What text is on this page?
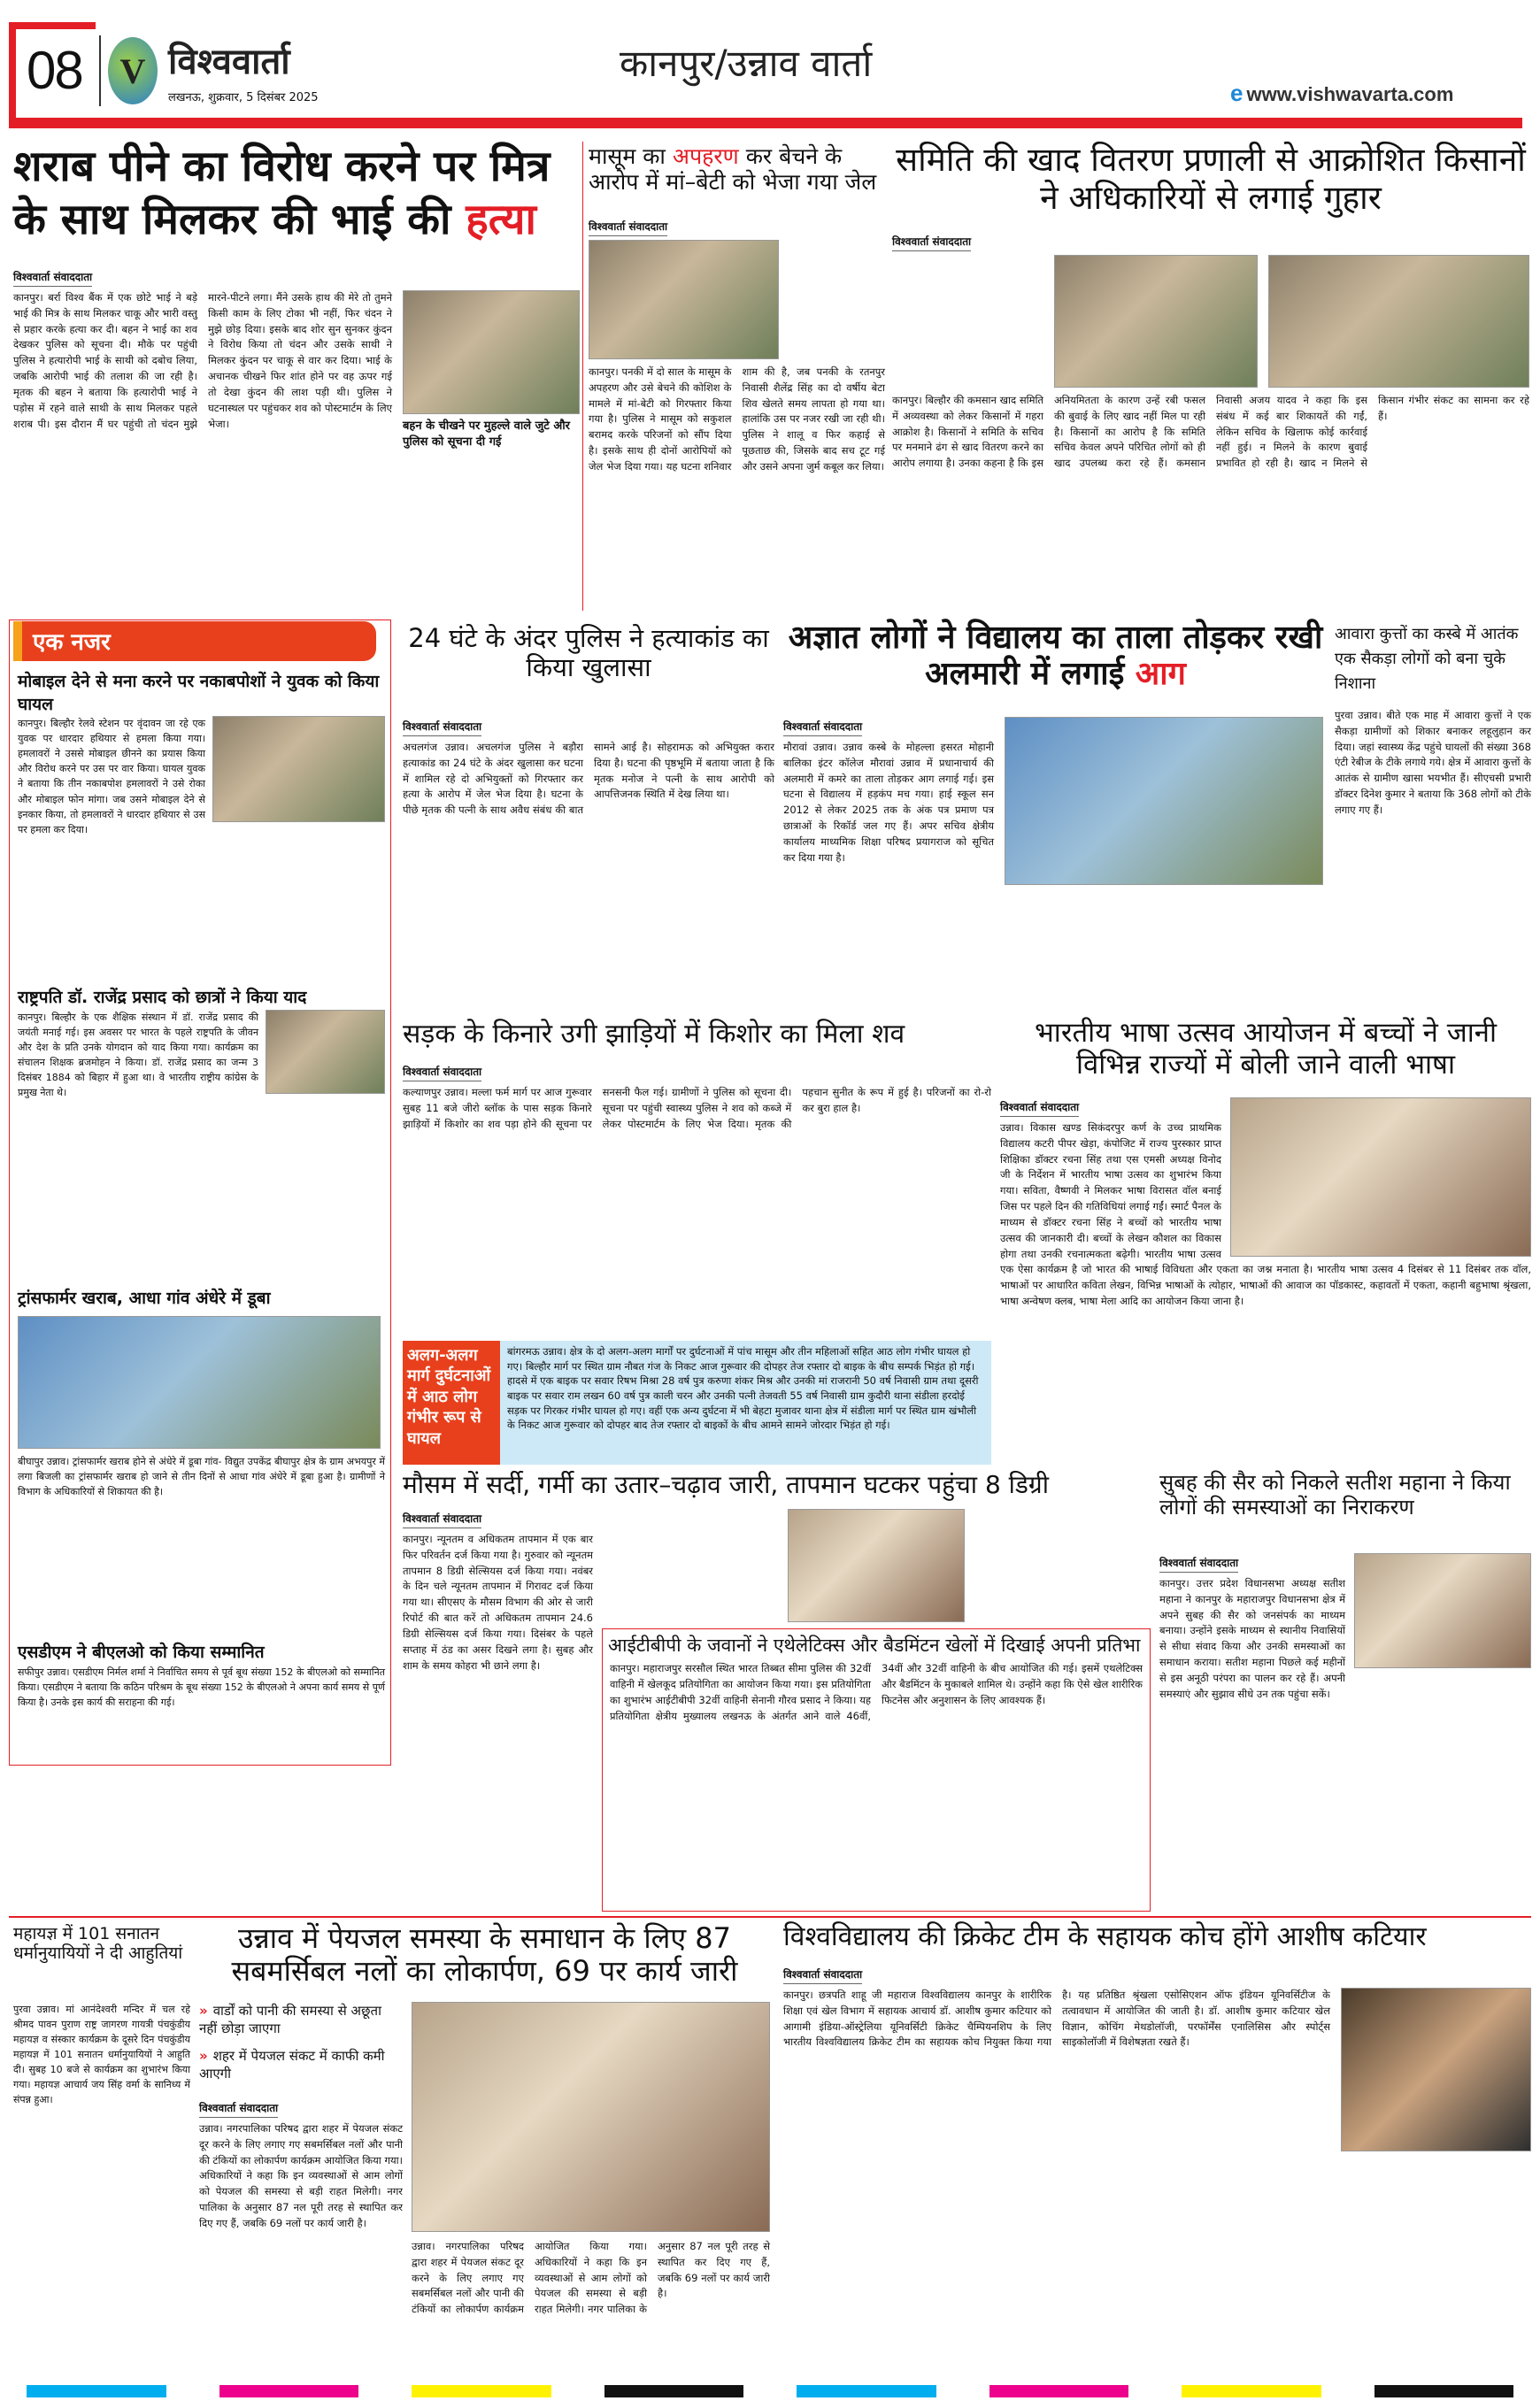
08	V विश्ववार्ता
लखनऊ, शुक्रवार, 5 दिसंबर 2025
कानपुर/उन्नाव वार्ता
e www.vishwavarta.com
शराब पीने का विरोध करने पर मित्र के साथ मिलकर की भाई की हत्या
विश्ववार्ता संवाददाता
कानपुर। बर्रा विश्व बैंक में एक छोटे भाई ने बड़े भाई की मित्र के साथ मिलकर चाकू और भारी वस्तु से प्रहार करके हत्या कर दी। बहन ने भाई का शव देखकर पुलिस को सूचना दी। मौके पर पहुंची पुलिस ने हत्यारोपी भाई के साथी को दबोच लिया, जबकि आरोपी भाई की तलाश की जा रही है। मृतक की बहन ने बताया कि हत्यारोपी भाई ने पड़ोस में रहने वाले साथी के साथ मिलकर पहले शराब पी। इस दौरान मैं घर पहुंची तो चंदन मुझे मारने-पीटने लगा। मैंने उसके हाथ की मेरे तो तुमने किसी काम के लिए टोका भी नहीं, फिर चंदन ने मुझे छोड़ दिया। इसके बाद शोर सुन सुनकर कुंदन ने विरोध किया तो चंदन और उसके साथी ने मिलकर कुंदन पर चाकू से वार कर दिया। भाई के अचानक चीखने फिर शांत होने पर वह ऊपर गई तो देखा कुंदन की लाश पड़ी थी। पुलिस ने घटनास्थल पर पहुंचकर शव को पोस्टमार्टम के लिए भेजा।	बहन के चीखने पर मुहल्ले वाले जुटे और पुलिस को सूचना दी गई
मासूम का अपहरण कर बेचने के आरोप में मां–बेटी को भेजा गया जेल
विश्ववार्ता संवाददाता
कानपुर। पनकी में दो साल के मासूम के अपहरण और उसे बेचने की कोशिश के मामले में मां-बेटी को गिरफ्तार किया गया है। पुलिस ने मासूम को सकुशल बरामद करके परिजनों को सौंप दिया है। इसके साथ ही दोनों आरोपियों को जेल भेज दिया गया। यह घटना शनिवार शाम की है, जब पनकी के रतनपुर निवासी शैलेंद्र सिंह का दो वर्षीय बेटा शिव खेलते समय लापता हो गया था। हालांकि उस पर नजर रखी जा रही थी। पुलिस ने शालू व फिर कहाई से पूछताछ की, जिसके बाद सच टूट गई और उसने अपना जुर्म कबूल कर लिया।
समिति की खाद वितरण प्रणाली से आक्रोशित किसानों ने अधिकारियों से लगाई गुहार
विश्ववार्ता संवाददाता
कानपुर। बिल्हौर की कमसान खाद समिति में अव्यवस्था को लेकर किसानों में गहरा आक्रोश है। किसानों ने समिति के सचिव पर मनमाने ढंग से खाद वितरण करने का आरोप लगाया है। उनका कहना है कि इस अनियमितता के कारण उन्हें रबी फसल की बुवाई के लिए खाद नहीं मिल पा रही है। किसानों का आरोप है कि समिति सचिव केवल अपने परिचित लोगों को ही खाद उपलब्ध करा रहे हैं। कमसान निवासी अजय यादव ने कहा कि इस संबंध में कई बार शिकायतें की गईं, लेकिन सचिव के खिलाफ कोई कार्रवाई नहीं हुई। न मिलने के कारण बुवाई प्रभावित हो रही है। खाद न मिलने से किसान गंभीर संकट का सामना कर रहे हैं।
एक नजर
मोबाइल देने से मना करने पर नकाबपोशों ने युवक को किया घायल
कानपुर। बिल्हौर रेलवे स्टेशन पर वृंदावन जा रहे एक युवक पर धारदार हथियार से हमला किया गया। हमलावरों ने उससे मोबाइल छीनने का प्रयास किया और विरोध करने पर उस पर वार किया। घायल युवक ने बताया कि तीन नकाबपोश हमलावरों ने उसे रोका और मोबाइल फोन मांगा। जब उसने मोबाइल देने से इनकार किया, तो हमलावरों ने धारदार हथियार से उस पर हमला कर दिया।
राष्ट्रपति डॉ. राजेंद्र प्रसाद को छात्रों ने किया याद
कानपुर। बिल्हौर के एक शैक्षिक संस्थान में डॉ. राजेंद्र प्रसाद की जयंती मनाई गई। इस अवसर पर भारत के पहले राष्ट्रपति के जीवन और देश के प्रति उनके योगदान को याद किया गया। कार्यक्रम का संचालन शिक्षक ब्रजमोहन ने किया। डॉ. राजेंद्र प्रसाद का जन्म 3 दिसंबर 1884 को बिहार में हुआ था। वे भारतीय राष्ट्रीय कांग्रेस के प्रमुख नेता थे।
ट्रांसफार्मर खराब, आधा गांव अंधेरे में डूबा
बीघापुर उन्नाव। ट्रांसफार्मर खराब होने से अंधेरे में डूबा गांव- विद्युत उपकेंद्र बीघापुर क्षेत्र के ग्राम अभयपुर में लगा बिजली का ट्रांसफार्मर खराब हो जाने से तीन दिनों से आधा गांव अंधेरे में डूबा हुआ है। ग्रामीणों ने विभाग के अधिकारियों से शिकायत की है।
एसडीएम ने बीएलओ को किया सम्मानित
सफीपुर उन्नाव। एसडीएम निर्मल शर्मा ने निर्वाचित समय से पूर्व बूथ संख्या 152 के बीएलओ को सम्मानित किया। एसडीएम ने बताया कि कठिन परिश्रम के बूथ संख्या 152 के बीएलओ ने अपना कार्य समय से पूर्ण किया है। उनके इस कार्य की सराहना की गई।
24 घंटे के अंदर पुलिस ने हत्याकांड का किया खुलासा
विश्ववार्ता संवाददाता
अचलगंज उन्नाव। अचलगंज पुलिस ने बड़ौरा हत्याकांड का 24 घंटे के अंदर खुलासा कर घटना में शामिल रहे दो अभियुक्तों को गिरफ्तार कर हत्या के आरोप में जेल भेज दिया है। घटना के पीछे मृतक की पत्नी के साथ अवैध संबंध की बात सामने आई है। सोहरामऊ को अभियुक्त करार दिया है। घटना की पृष्ठभूमि में बताया जाता है कि मृतक मनोज ने पत्नी के साथ आरोपी को आपत्तिजनक स्थिति में देख लिया था।
अज्ञात लोगों ने विद्यालय का ताला तोड़कर रखी अलमारी में लगाई आग
विश्ववार्ता संवाददाता
मौरावां उन्नाव। उन्नाव कस्बे के मोहल्ला हसरत मोहानी बालिका इंटर कॉलेज मौरावां उन्नाव में प्रधानाचार्य की अलमारी में कमरे का ताला तोड़कर आग लगाई गई। इस घटना से विद्यालय में हड़कंप मच गया। हाई स्कूल सन 2012 से लेकर 2025 तक के अंक पत्र प्रमाण पत्र छात्राओं के रिकॉर्ड जल गए हैं। अपर सचिव क्षेत्रीय कार्यालय माध्यमिक शिक्षा परिषद प्रयागराज को सूचित कर दिया गया है।
आवारा कुत्तों का कस्बे में आतंक एक सैकड़ा लोगों को बना चुके निशाना
पुरवा उन्नाव। बीते एक माह में आवारा कुत्तों ने एक सैकड़ा ग्रामीणों को शिकार बनाकर लहूलुहान कर दिया। जहां स्वास्थ्य केंद्र पहुंचे घायलों की संख्या 368 एंटी रेबीज के टीके लगाये गये। क्षेत्र में आवारा कुत्तों के आतंक से ग्रामीण खासा भयभीत हैं। सीएचसी प्रभारी डॉक्टर दिनेश कुमार ने बताया कि 368 लोगों को टीके लगाए गए हैं।
सड़क के किनारे उगी झाड़ियों में किशोर का मिला शव
विश्ववार्ता संवाददाता
कल्याणपुर उन्नाव। मल्ला फर्म मार्ग पर आज गुरूवार सुबह 11 बजे जीरो ब्लॉक के पास सड़क किनारे झाड़ियों में किशोर का शव पड़ा होने की सूचना पर सनसनी फैल गई। ग्रामीणों ने पुलिस को सूचना दी। सूचना पर पहुंची स्वास्थ्य पुलिस ने शव को कब्जे में लेकर पोस्टमार्टम के लिए भेज दिया। मृतक की पहचान सुनीत के रूप में हुई है। परिजनों का रो-रो कर बुरा हाल है।
अलग-अलग मार्ग दुर्घटनाओं में आठ लोग गंभीर रूप से घायल
बांगरमऊ उन्नाव। क्षेत्र के दो अलग-अलग मार्गों पर दुर्घटनाओं में पांच मासूम और तीन महिलाओं सहित आठ लोग गंभीर घायल हो गए। बिल्हौर मार्ग पर स्थित ग्राम नौबत गंज के निकट आज गुरूवार की दोपहर तेज रफ्तार दो बाइक के बीच सम्पर्क भिड़ंत हो गई। हादसे में एक बाइक पर सवार रिषभ मिश्रा 28 वर्ष पुत्र करुणा शंकर मिश्र और उनकी मां राजरानी 50 वर्ष निवासी ग्राम तथा दूसरी बाइक पर सवार राम लखन 60 वर्ष पुत्र काली चरन और उनकी पत्नी तेजवती 55 वर्ष निवासी ग्राम कुदौरी थाना संडीला हरदोई सड़क पर गिरकर गंभीर घायल हो गए। वहीं एक अन्य दुर्घटना में भी बेहटा मुजावर थाना क्षेत्र में संडीला मार्ग पर स्थित ग्राम खंभौली के निकट आज गुरूवार को दोपहर बाद तेज रफ्तार दो बाइकों के बीच आमने सामने जोरदार भिड़ंत हो गई।
भारतीय भाषा उत्सव आयोजन में बच्चों ने जानी विभिन्न राज्यों में बोली जाने वाली भाषा
विश्ववार्ता संवाददाता
उन्नाव। विकास खण्ड सिकंदरपुर कर्ण के उच्च प्राथमिक विद्यालय कटरी पीपर खेड़ा, कंपोजिट में राज्य पुरस्कार प्राप्त शिक्षिका डॉक्टर रचना सिंह तथा एस एमसी अध्यक्ष विनोद जी के निर्देशन में भारतीय भाषा उत्सव का शुभारंभ किया गया। सविता, वैष्णवी ने मिलकर भाषा विरासत वॉल बनाई जिस पर पहले दिन की गतिविधियां लगाई गईं। स्मार्ट पैनल के माध्यम से डॉक्टर रचना सिंह ने बच्चों को भारतीय भाषा उत्सव की जानकारी दी। बच्चों के लेखन कौशल का विकास होगा तथा उनकी रचनात्मकता बढ़ेगी। भारतीय भाषा उत्सव एक ऐसा कार्यक्रम है जो भारत की भाषाई विविधता और एकता का जश्न मनाता है। भारतीय भाषा उत्सव 4 दिसंबर से 11 दिसंबर तक वॉल, भाषाओं पर आधारित कविता लेखन, विभिन्न भाषाओं के त्योहार, भाषाओं की आवाज का पॉडकास्ट, कहावतों में एकता, कहानी बहुभाषा श्रृंखला, भाषा अन्वेषण क्लब, भाषा मेला आदि का आयोजन किया जाना है।
मौसम में सर्दी, गर्मी का उतार–चढ़ाव जारी, तापमान घटकर पहुंचा 8 डिग्री
विश्ववार्ता संवाददाता
कानपुर। न्यूनतम व अधिकतम तापमान में एक बार फिर परिवर्तन दर्ज किया गया है। गुरुवार को न्यूनतम तापमान 8 डिग्री सेल्सियस दर्ज किया गया। नवंबर के दिन चले न्यूनतम तापमान में गिरावट दर्ज किया गया था। सीएसए के मौसम विभाग की ओर से जारी रिपोर्ट की बात करें तो अधिकतम तापमान 24.6 डिग्री सेल्सियस दर्ज किया गया। दिसंबर के पहले सप्ताह में ठंड का असर दिखने लगा है। सुबह और शाम के समय कोहरा भी छाने लगा है।
आईटीबीपी के जवानों ने एथेलेटिक्स और बैडमिंटन खेलों में दिखाई अपनी प्रतिभा
कानपुर। महाराजपुर सरसौल स्थित भारत तिब्बत सीमा पुलिस की 32वीं वाहिनी में खेलकूद प्रतियोगिता का आयोजन किया गया। इस प्रतियोगिता का शुभारंभ आईटीबीपी 32वीं वाहिनी सेनानी गौरव प्रसाद ने किया। यह प्रतियोगिता क्षेत्रीय मुख्यालय लखनऊ के अंतर्गत आने वाले 46वीं, 34वीं और 32वीं वाहिनी के बीच आयोजित की गई। इसमें एथलेटिक्स और बैडमिंटन के मुकाबले शामिल थे। उन्होंने कहा कि ऐसे खेल शारीरिक फिटनेस और अनुशासन के लिए आवश्यक हैं।
सुबह की सैर को निकले सतीश महाना ने किया लोगों की समस्याओं का निराकरण
विश्ववार्ता संवाददाता
कानपुर। उत्तर प्रदेश विधानसभा अध्यक्ष सतीश महाना ने कानपुर के महाराजपुर विधानसभा क्षेत्र में अपने सुबह की सैर को जनसंपर्क का माध्यम बनाया। उन्होंने इसके माध्यम से स्थानीय निवासियों से सीधा संवाद किया और उनकी समस्याओं का समाधान कराया। सतीश महाना पिछले कई महीनों से इस अनूठी परंपरा का पालन कर रहे हैं। अपनी समस्याएं और सुझाव सीधे उन तक पहुंचा सकें।
महायज्ञ में 101 सनातन धर्मानुयायियों ने दी आहुतियां
पुरवा उन्नाव। मां आनंदेश्वरी मन्दिर में चल रहे श्रीमद पावन पुराण राष्ट्र जागरण गायत्री पंचकुंडीय महायज्ञ व संस्कार कार्यक्रम के दूसरे दिन पंचकुंडीय महायज्ञ में 101 सनातन धर्मानुयायियों ने आहुति दी। सुबह 10 बजे से कार्यक्रम का शुभारंभ किया गया। महायज्ञ आचार्य जय सिंह वर्मा के सानिध्य में संपन्न हुआ।
उन्नाव में पेयजल समस्या के समाधान के लिए 87 सबमर्सिबल नलों का लोकार्पण, 69 पर कार्य जारी
» वार्डों को पानी की समस्या से अछूता नहीं छोड़ा जाएगा
» शहर में पेयजल संकट में काफी कमी आएगी
विश्ववार्ता संवाददाता
उन्नाव। नगरपालिका परिषद द्वारा शहर में पेयजल संकट दूर करने के लिए लगाए गए सबमर्सिबल नलों और पानी की टंकियों का लोकार्पण कार्यक्रम आयोजित किया गया। अधिकारियों ने कहा कि इन व्यवस्थाओं से आम लोगों को पेयजल की समस्या से बड़ी राहत मिलेगी। नगर पालिका के अनुसार 87 नल पूरी तरह से स्थापित कर दिए गए हैं, जबकि 69 नलों पर कार्य जारी है।
उन्नाव। नगरपालिका परिषद द्वारा शहर में पेयजल संकट दूर करने के लिए लगाए गए सबमर्सिबल नलों और पानी की टंकियों का लोकार्पण कार्यक्रम आयोजित किया गया। अधिकारियों ने कहा कि इन व्यवस्थाओं से आम लोगों को पेयजल की समस्या से बड़ी राहत मिलेगी। नगर पालिका के अनुसार 87 नल पूरी तरह से स्थापित कर दिए गए हैं, जबकि 69 नलों पर कार्य जारी है।
विश्वविद्यालय की क्रिकेट टीम के सहायक कोच होंगे आशीष कटियार
विश्ववार्ता संवाददाता
कानपुर। छत्रपति शाहू जी महाराज विश्वविद्यालय कानपुर के शारीरिक शिक्षा एवं खेल विभाग में सहायक आचार्य डॉ. आशीष कुमार कटियार को आगामी इंडिया-ऑस्ट्रेलिया यूनिवर्सिटी क्रिकेट चैम्पियनशिप के लिए भारतीय विश्वविद्यालय क्रिकेट टीम का सहायक कोच नियुक्त किया गया है। यह प्रतिष्ठित श्रृंखला एसोसिएशन ऑफ इंडियन यूनिवर्सिटीज के तत्वावधान में आयोजित की जाती है। डॉ. आशीष कुमार कटियार खेल विज्ञान, कोचिंग मेथडोलॉजी, परफॉर्मेंस एनालिसिस और स्पोर्ट्स साइकोलॉजी में विशेषज्ञता रखते हैं।
